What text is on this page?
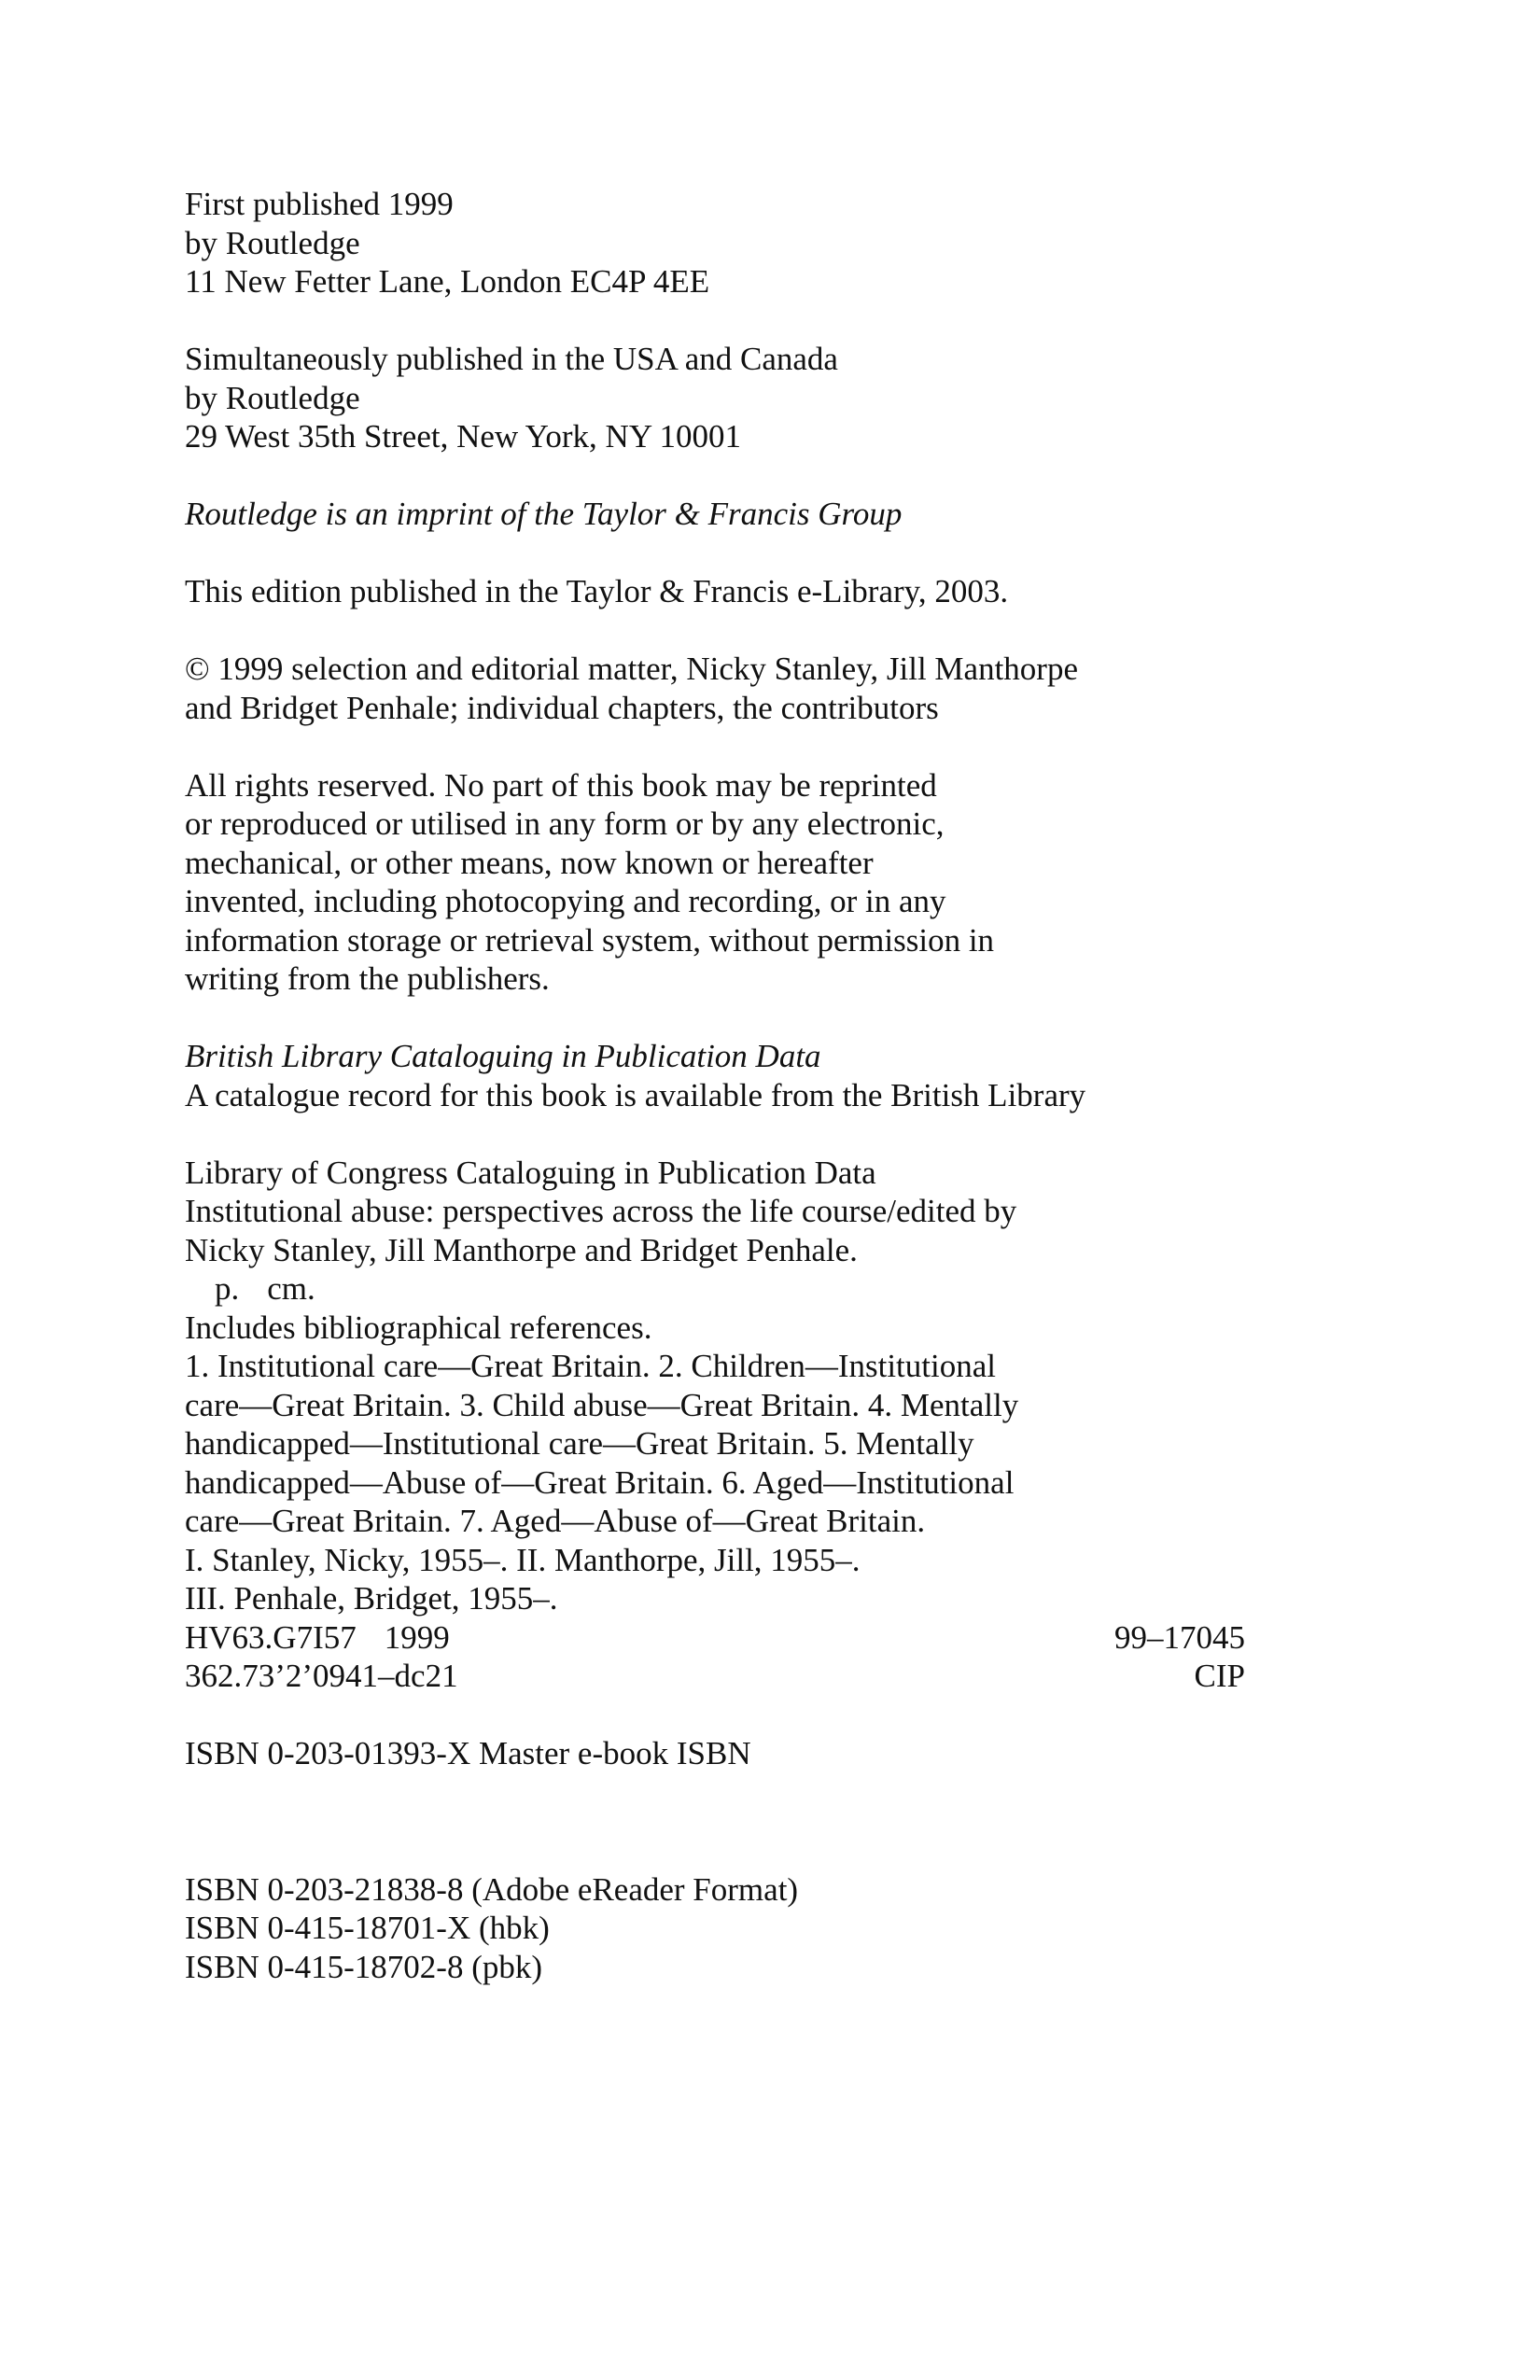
First published 1999
by Routledge
11 New Fetter Lane, London EC4P 4EE
Simultaneously published in the USA and Canada
by Routledge
29 West 35th Street, New York, NY 10001
Routledge is an imprint of the Taylor & Francis Group
This edition published in the Taylor & Francis e-Library, 2003.
© 1999 selection and editorial matter, Nicky Stanley, Jill Manthorpe
and Bridget Penhale; individual chapters, the contributors
All rights reserved. No part of this book may be reprinted
or reproduced or utilised in any form or by any electronic,
mechanical, or other means, now known or hereafter
invented, including photocopying and recording, or in any
information storage or retrieval system, without permission in
writing from the publishers.
British Library Cataloguing in Publication Data
A catalogue record for this book is available from the British Library
Library of Congress Cataloguing in Publication Data
Institutional abuse: perspectives across the life course/edited by
Nicky Stanley, Jill Manthorpe and Bridget Penhale.
p. cm.
Includes bibliographical references.
1. Institutional care—Great Britain. 2. Children—Institutional
care—Great Britain. 3. Child abuse—Great Britain. 4. Mentally
handicapped—Institutional care—Great Britain. 5. Mentally
handicapped—Abuse of—Great Britain. 6. Aged—Institutional
care—Great Britain. 7. Aged—Abuse of—Great Britain.
I. Stanley, Nicky, 1955–. II. Manthorpe, Jill, 1955–.
III. Penhale, Bridget, 1955–.
HV63.G7I57 1999	99–17045
362.73’2’0941–dc21	CIP
ISBN 0-203-01393-X Master e-book ISBN
ISBN 0-203-21838-8 (Adobe eReader Format)
ISBN 0-415-18701-X (hbk)
ISBN 0-415-18702-8 (pbk)
